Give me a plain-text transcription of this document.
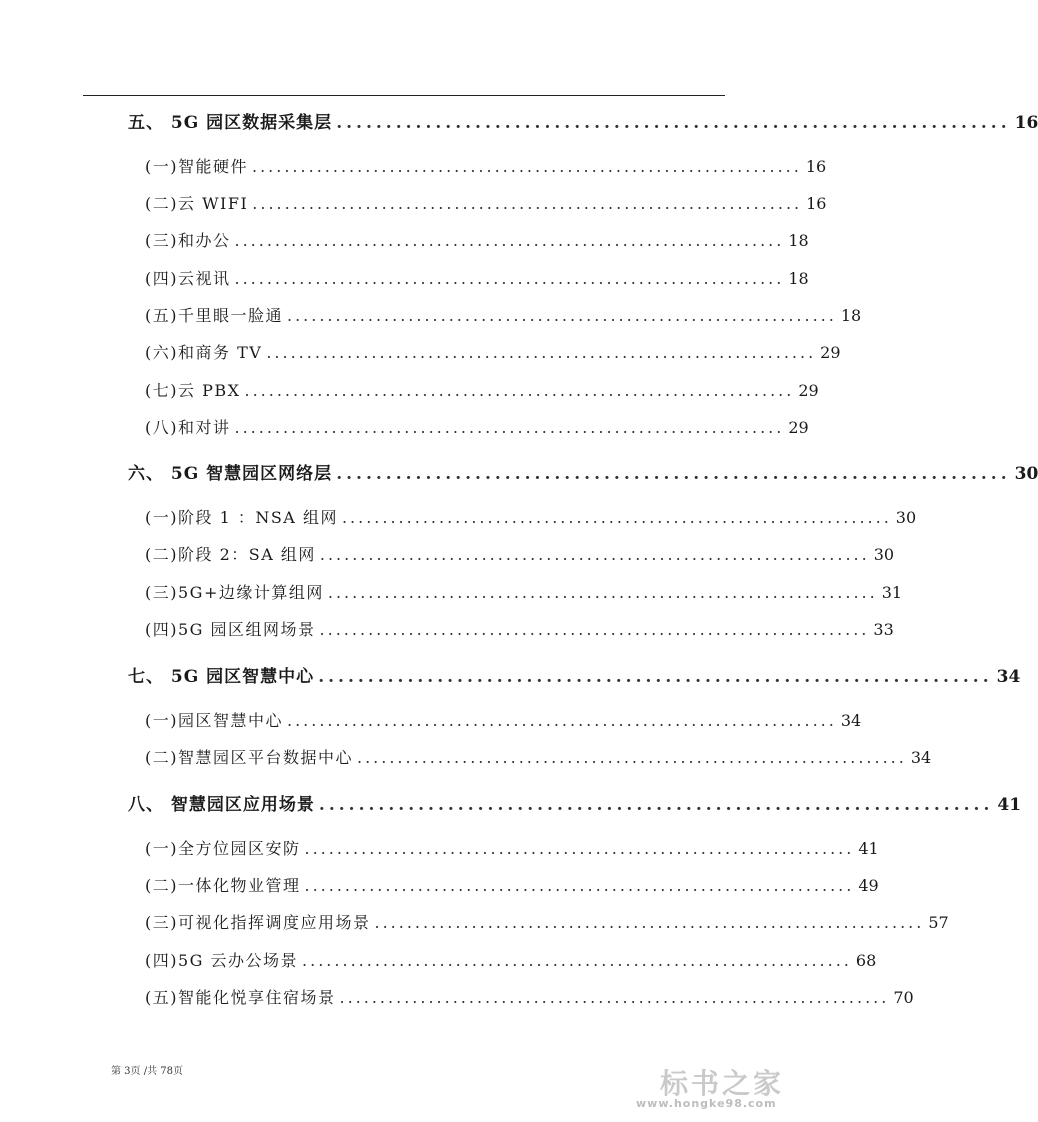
五、 5G 园区数据采集层 .................................................................... 16
(一)智能硬件 .................................................................... 16
(二)云 WIFI .................................................................... 16
(三)和办公 .................................................................... 18
(四)云视讯 .................................................................... 18
(五)千里眼一脸通 .................................................................... 18
(六)和商务 TV .................................................................... 29
(七)云 PBX .................................................................... 29
(八)和对讲 .................................................................... 29
六、 5G 智慧园区网络层 .................................................................... 30
(一)阶段 1 ：NSA 组网 .................................................................... 30
(二)阶段 2：SA 组网 .................................................................... 30
(三)5G+边缘计算组网 .................................................................... 31
(四)5G 园区组网场景 .................................................................... 33
七、 5G 园区智慧中心 .................................................................... 34
(一)园区智慧中心 .................................................................... 34
(二)智慧园区平台数据中心 .................................................................... 34
八、 智慧园区应用场景 .................................................................... 41
(一)全方位园区安防 .................................................................... 41
(二)一体化物业管理 .................................................................... 49
(三)可视化指挥调度应用场景 .................................................................... 57
(四)5G 云办公场景 .................................................................... 68
(五)智能化悦享住宿场景 .................................................................... 70
第 3页 /共 78页	标书之家
www.hongke98.com
